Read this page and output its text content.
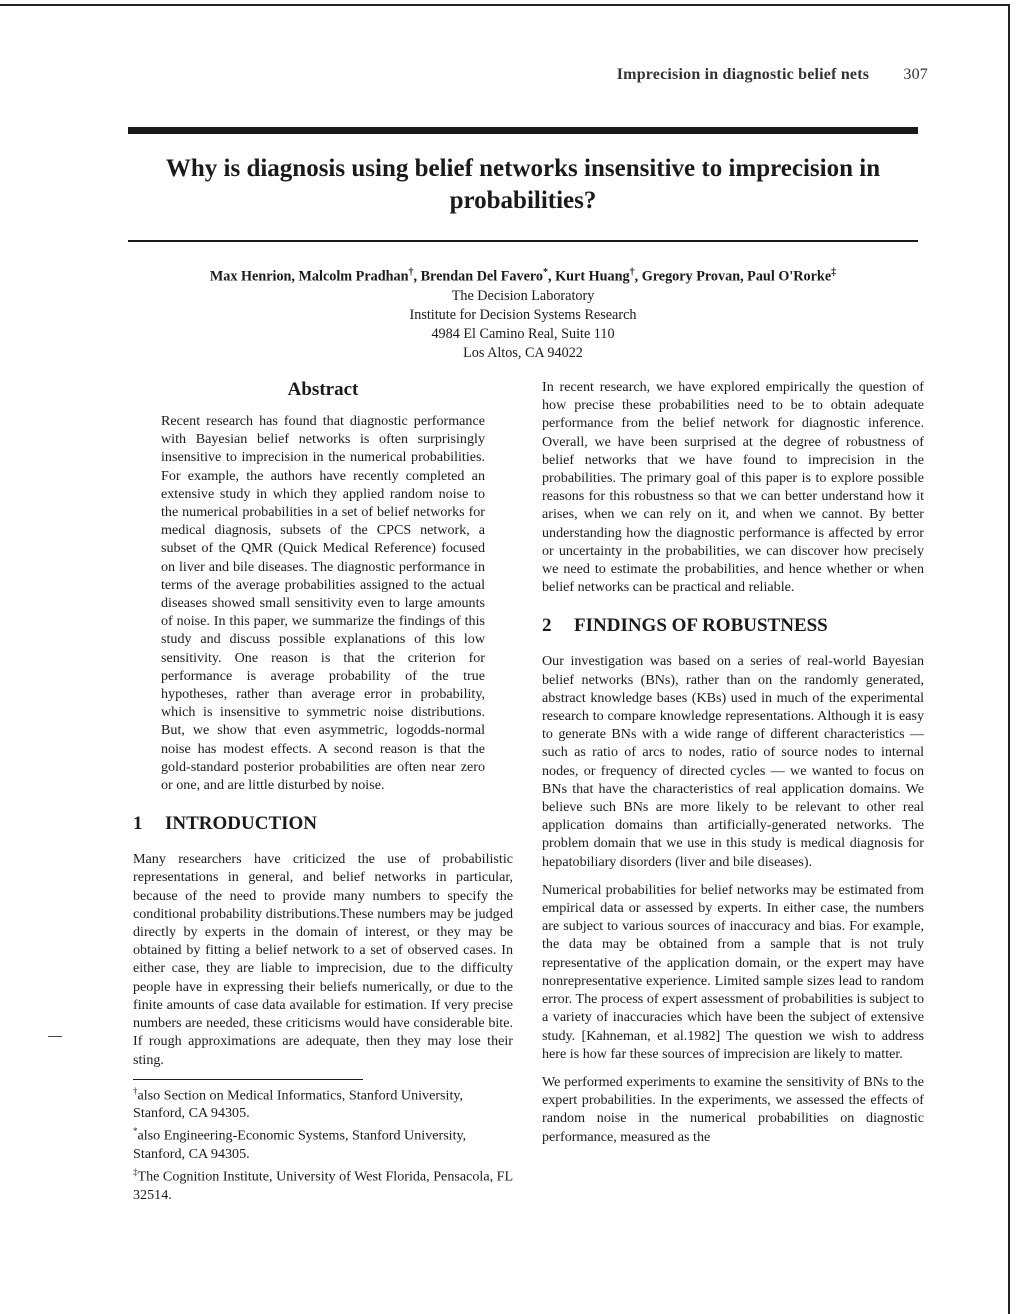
Imprecision in diagnostic belief nets 307
Why is diagnosis using belief networks insensitive to imprecision in probabilities?
Max Henrion, Malcolm Pradhan†, Brendan Del Favero*, Kurt Huang†, Gregory Provan, Paul O'Rorke‡
The Decision Laboratory
Institute for Decision Systems Research
4984 El Camino Real, Suite 110
Los Altos, CA 94022
Abstract

Recent research has found that diagnostic performance with Bayesian belief networks is often surprisingly insensitive to imprecision in the numerical probabilities. For example, the authors have recently completed an extensive study in which they applied random noise to the numerical probabilities in a set of belief networks for medical diagnosis, subsets of the CPCS network, a subset of the QMR (Quick Medical Reference) focused on liver and bile diseases. The diagnostic performance in terms of the average probabilities assigned to the actual diseases showed small sensitivity even to large amounts of noise. In this paper, we summarize the findings of this study and discuss possible explanations of this low sensitivity. One reason is that the criterion for performance is average probability of the true hypotheses, rather than average error in probability, which is insensitive to symmetric noise distributions. But, we show that even asymmetric, logodds-normal noise has modest effects. A second reason is that the gold-standard posterior probabilities are often near zero or one, and are little disturbed by noise.

1 INTRODUCTION

Many researchers have criticized the use of probabilistic representations in general, and belief networks in particular, because of the need to provide many numbers to specify the conditional probability distributions.These numbers may be judged directly by experts in the domain of interest, or they may be obtained by fitting a belief network to a set of observed cases. In either case, they are liable to imprecision, due to the difficulty people have in expressing their beliefs numerically, or due to the finite amounts of case data available for estimation. If very precise numbers are needed, these criticisms would have considerable bite. If rough approximations are adequate, then they may lose their sting.

†also Section on Medical Informatics, Stanford University, Stanford, CA 94305.

*also Engineering-Economic Systems, Stanford University, Stanford, CA 94305.

‡The Cognition Institute, University of West Florida, Pensacola, FL 32514.

In recent research, we have explored empirically the question of how precise these probabilities need to be to obtain adequate performance from the belief network for diagnostic inference. Overall, we have been surprised at the degree of robustness of belief networks that we have found to imprecision in the probabilities. The primary goal of this paper is to explore possible reasons for this robustness so that we can better understand how it arises, when we can rely on it, and when we cannot. By better understanding how the diagnostic performance is affected by error or uncertainty in the probabilities, we can discover how precisely we need to estimate the probabilities, and hence whether or when belief networks can be practical and reliable.

2 FINDINGS OF ROBUSTNESS

Our investigation was based on a series of real-world Bayesian belief networks (BNs), rather than on the randomly generated, abstract knowledge bases (KBs) used in much of the experimental research to compare knowledge representations. Although it is easy to generate BNs with a wide range of different characteristics — such as ratio of arcs to nodes, ratio of source nodes to internal nodes, or frequency of directed cycles — we wanted to focus on BNs that have the characteristics of real application domains. We believe such BNs are more likely to be relevant to other real application domains than artificially-generated networks. The problem domain that we use in this study is medical diagnosis for hepatobiliary disorders (liver and bile diseases).

Numerical probabilities for belief networks may be estimated from empirical data or assessed by experts. In either case, the numbers are subject to various sources of inaccuracy and bias. For example, the data may be obtained from a sample that is not truly representative of the application domain, or the expert may have nonrepresentative experience. Limited sample sizes lead to random error. The process of expert assessment of probabilities is subject to a variety of inaccuracies which have been the subject of extensive study. [Kahneman, et al.1982] The question we wish to address here is how far these sources of imprecision are likely to matter.

We performed experiments to examine the sensitivity of BNs to the expert probabilities. In the experiments, we assessed the effects of random noise in the numerical probabilities on diagnostic performance, measured as the
